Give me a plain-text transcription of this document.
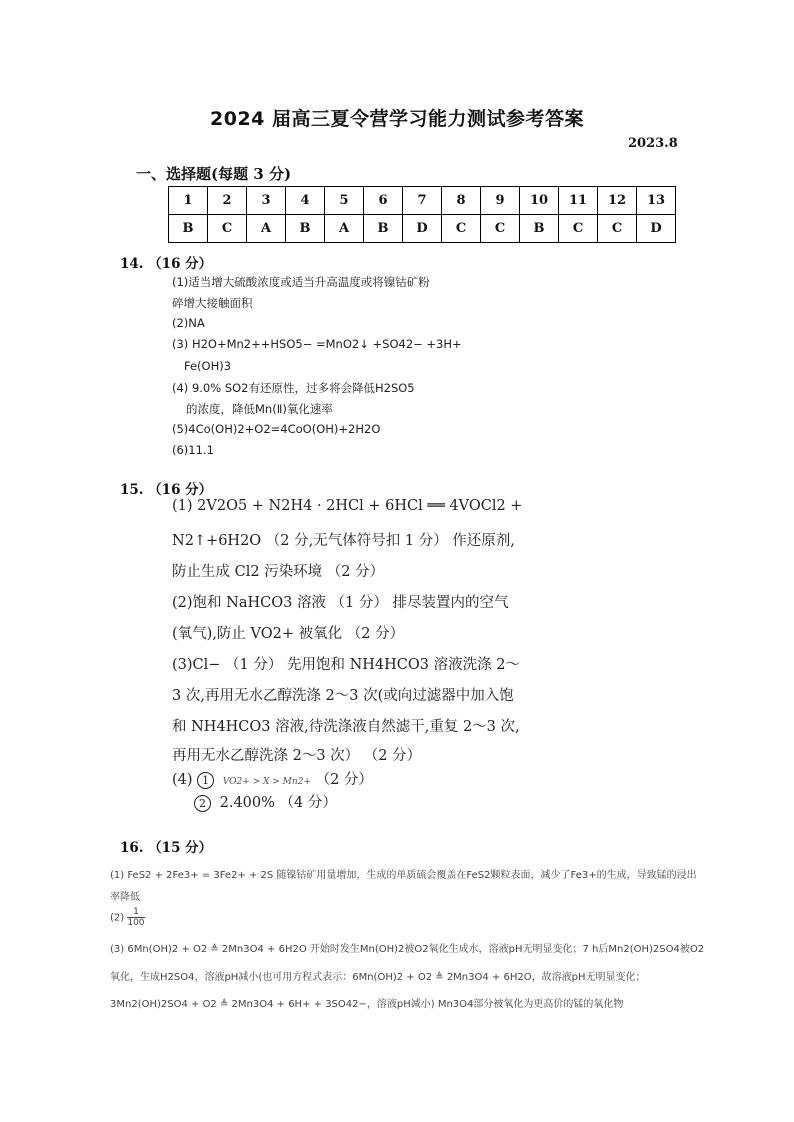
2024 届高三夏令营学习能力测试参考答案
2023.8
一、选择题(每题 3 分)
1	2	3	4	5	6	7	8	9	10	11	12	13
B	C	A	B	A	B	D	C	C	B	C	C	D
14. （16 分）
(1)适当增大硫酸浓度或适当升高温度或将镍钴矿粉
碎增大接触面积
(2)NA
(3) H2O+Mn2++HSO5− =MnO2↓ +SO42− +3H+
Fe(OH)3
(4) 9.0% SO2有还原性，过多将会降低H2SO5
的浓度，降低Mn(Ⅱ)氧化速率
(5)4Co(OH)2+O2=4CoO(OH)+2H2O
(6)11.1
15. （16 分）
(1) 2V2O5 + N2H4 · 2HCl + 6HCl ══ 4VOCl2 +
N2↑+6H2O （2 分,无气体符号扣 1 分） 作还原剂,
防止生成 Cl2 污染环境 （2 分）
(2)饱和 NaHCO3 溶液 （1 分） 排尽装置内的空气
(氧气),防止 VO2+ 被氧化 （2 分）
(3)Cl− （1 分） 先用饱和 NH4HCO3 溶液洗涤 2～
3 次,再用无水乙醇洗涤 2～3 次(或向过滤器中加入饱
和 NH4HCO3 溶液,待洗涤液自然滤干,重复 2～3 次,
再用无水乙醇洗涤 2～3 次） （2 分）
(4) 1 VO2+ > X > Mn2+ （2 分）
2 2.400% （4 分）
16. （15 分）
(1) FeS2 + 2Fe3+ = 3Fe2+ + 2S 随镍钴矿用量增加，生成的单质硫会覆盖在FeS2颗粒表面，减少了Fe3+的生成，导致锰的浸出
率降低
$(2) \frac{1}{100}$
(3) 6Mn(OH)2 + O2 ≜ 2Mn3O4 + 6H2O 开始时发生Mn(OH)2被O2氧化生成水，溶液pH无明显变化；7 h后Mn2(OH)2SO4被O2
氧化，生成H2SO4，溶液pH减小(也可用方程式表示：6Mn(OH)2 + O2 ≜ 2Mn3O4 + 6H2O，故溶液pH无明显变化；
3Mn2(OH)2SO4 + O2 ≜ 2Mn3O4 + 6H+ + 3SO42−，溶液pH减小) Mn3O4部分被氧化为更高价的锰的氧化物
